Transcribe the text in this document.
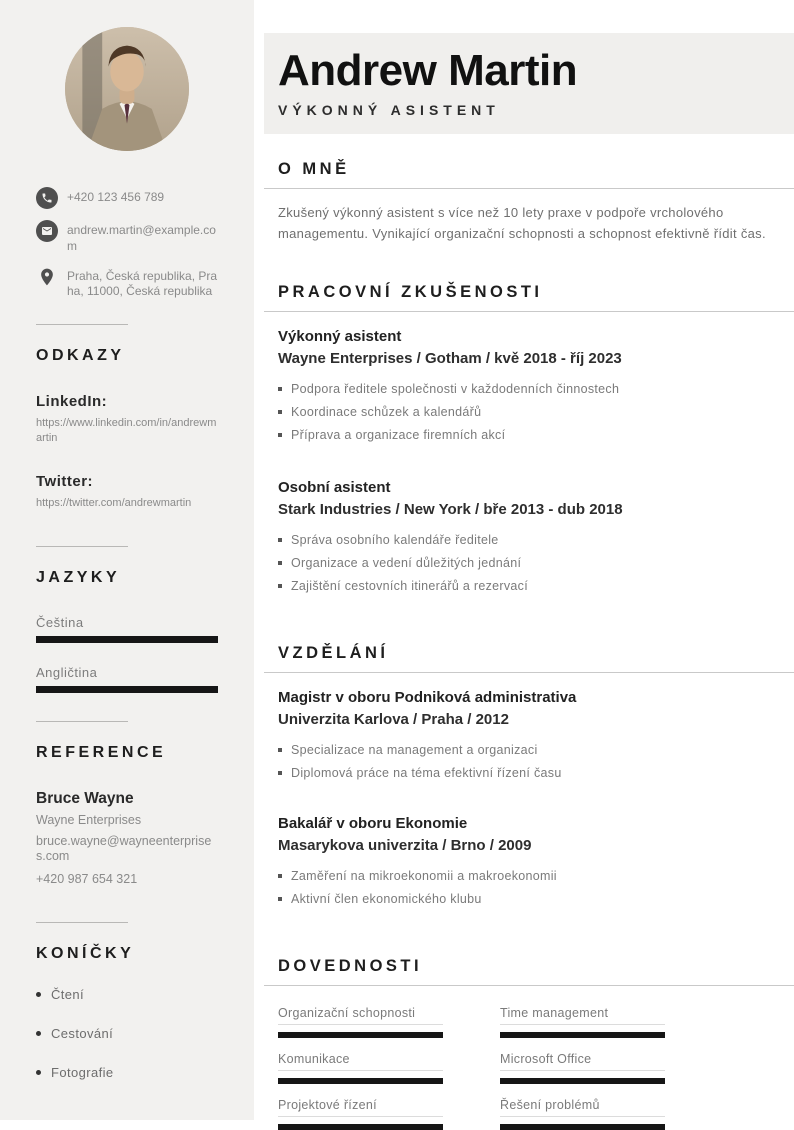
+420 123 456 789
andrew.martin@example.com
Praha, Česká republika, Praha, 11000, Česká republika
ODKAZY
LinkedIn:
https://www.linkedin.com/in/andrewmartin
Twitter:
https://twitter.com/andrewmartin
JAZYKY
Čeština
Angličtina
REFERENCE
Bruce Wayne
Wayne Enterprises
bruce.wayne@wayneenterprises.com
+420 987 654 321
KONÍČKY
Čtení
Cestování
Fotografie
Andrew Martin
VÝKONNÝ ASISTENT
O MNĚ

Zkušený výkonný asistent s více než 10 lety praxe v podpoře vrcholového managementu. Vynikající organizační schopnosti a schopnost efektivně řídit čas.

PRACOVNÍ ZKUŠENOSTI
Výkonný asistent
Wayne Enterprises / Gotham / kvě 2018 - říj 2023
Podpora ředitele společnosti v každodenních činnostech
Koordinace schůzek a kalendářů
Příprava a organizace firemních akcí
Osobní asistent
Stark Industries / New York / bře 2013 - dub 2018
Správa osobního kalendáře ředitele
Organizace a vedení důležitých jednání
Zajištění cestovních itinerářů a rezervací
VZDĚLÁNÍ
Magistr v oboru Podniková administrativa
Univerzita Karlova / Praha / 2012
Specializace na management a organizaci
Diplomová práce na téma efektivní řízení času
Bakalář v oboru Ekonomie
Masarykova univerzita / Brno / 2009
Zaměření na mikroekonomii a makroekonomii
Aktivní člen ekonomického klubu
DOVEDNOSTI
Organizační schopnosti	Time management
Komunikace	Microsoft Office
Projektové řízení	Řešení problémů
